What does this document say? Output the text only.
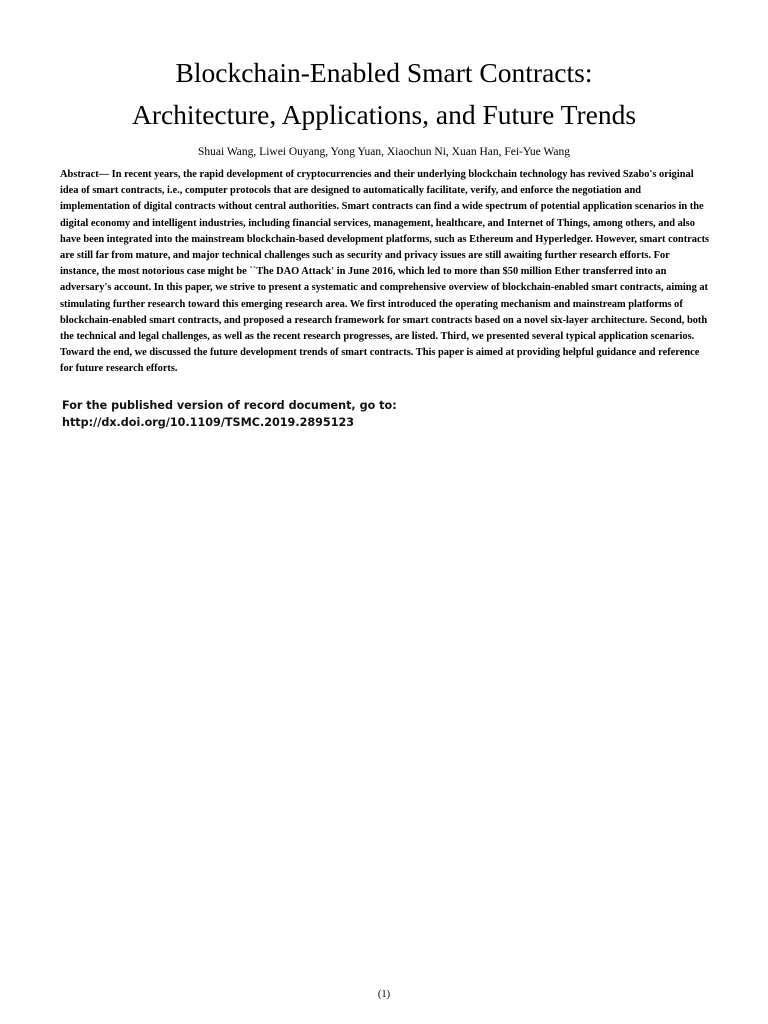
Blockchain-Enabled Smart Contracts:
Architecture, Applications, and Future Trends
Shuai Wang, Liwei Ouyang, Yong Yuan, Xiaochun Ni, Xuan Han, Fei-Yue Wang

Abstract— In recent years, the rapid development of cryptocurrencies and their underlying blockchain technology has revived Szabo's original idea of smart contracts, i.e., computer protocols that are designed to automatically facilitate, verify, and enforce the negotiation and implementation of digital contracts without central authorities. Smart contracts can find a wide spectrum of potential application scenarios in the digital economy and intelligent industries, including financial services, management, healthcare, and Internet of Things, among others, and also have been integrated into the mainstream blockchain-based development platforms, such as Ethereum and Hyperledger. However, smart contracts are still far from mature, and major technical challenges such as security and privacy issues are still awaiting further research efforts. For instance, the most notorious case might be ``The DAO Attack' in June 2016, which led to more than $50 million Ether transferred into an adversary's account. In this paper, we strive to present a systematic and comprehensive overview of blockchain-enabled smart contracts, aiming at stimulating further research toward this emerging research area. We first introduced the operating mechanism and mainstream platforms of blockchain-enabled smart contracts, and proposed a research framework for smart contracts based on a novel six-layer architecture. Second, both the technical and legal challenges, as well as the recent research progresses, are listed. Third, we presented several typical application scenarios. Toward the end, we discussed the future development trends of smart contracts. This paper is aimed at providing helpful guidance and reference for future research efforts.

For the published version of record document, go to:
http://dx.doi.org/10.1109/TSMC.2019.2895123
(1)
